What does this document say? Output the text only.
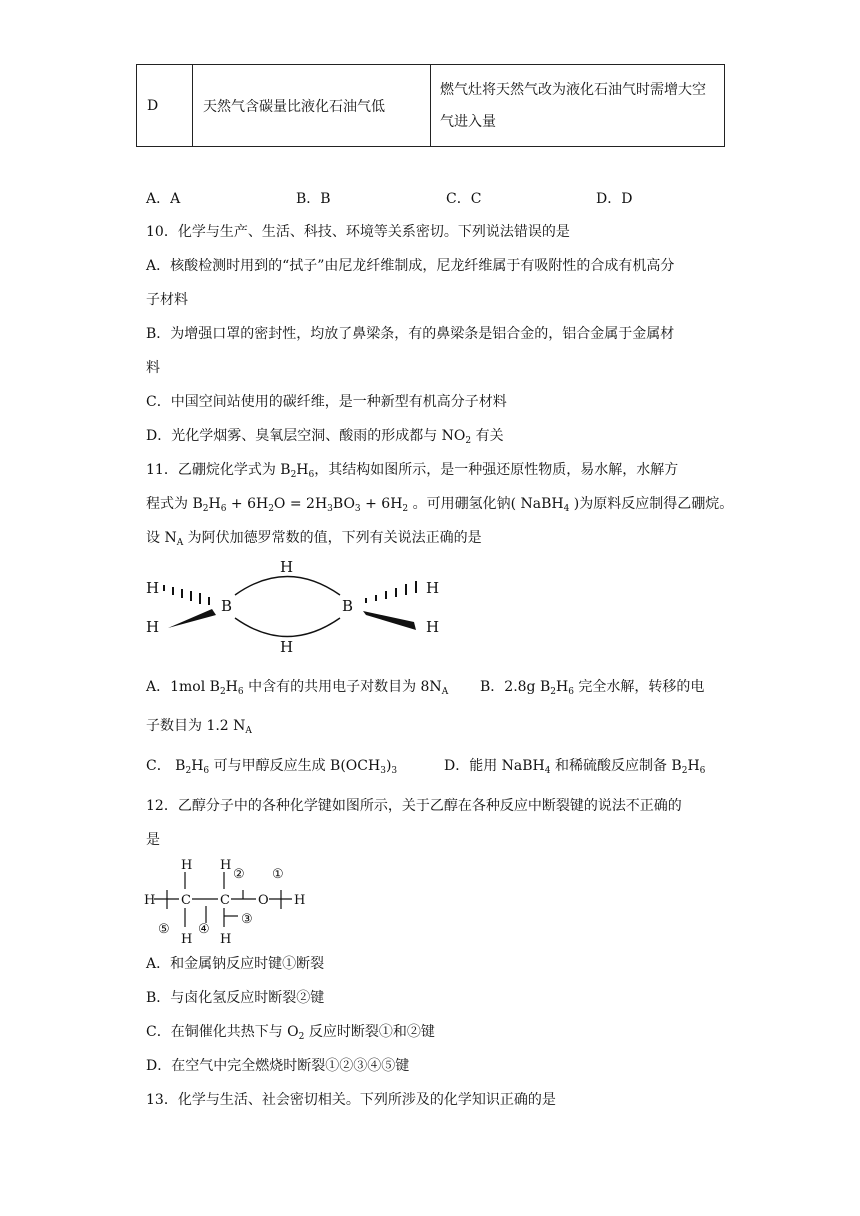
D	天然气含碳量比液化石油气低	燃气灶将天然气改为液化石油气时需增大空
气进入量
A．A	B．B	C．C	D．D
10．化学与生产、生活、科技、环境等关系密切。下列说法错误的是
A．核酸检测时用到的“拭子”由尼龙纤维制成，尼龙纤维属于有吸附性的合成有机高分
子材料
B．为增强口罩的密封性，均放了鼻梁条，有的鼻梁条是铝合金的，铝合金属于金属材
料
C．中国空间站使用的碳纤维，是一种新型有机高分子材料
D．光化学烟雾、臭氧层空洞、酸雨的形成都与 $NO_2$ 有关
11．乙硼烷化学式为 $B_2H_6$，其结构如图所示，是一种强还原性物质，易水解，水解方
程式为 $B_2H_6 + 6H_2O = 2H_3BO_3 + 6H_2$ 。可用硼氢化钠( NaBH$_4$ )为原料反应制得乙硼烷。
设 $N_A$ 为阿伏加德罗常数的值，下列有关说法正确的是
H
H
H
H
B	B
H
H
A．1mol $B_2H_6$ 中含有的共用电子对数目为 $8N_A$ B．2.8g $B_2H_6$ 完全水解，转移的电
子数目为 1.2 $N_A$
C． $B_2H_6$ 可与甲醇反应生成 $B(OCH_3)_3$	D．能用 NaBH$_4$ 和稀硫酸反应制备 $B_2H_6$
12．乙醇分子中的各种化学键如图所示，关于乙醇在各种反应中断裂键的说法不正确的
是
H H
H C C O H
H H
② ①
③
④
⑤
A．和金属钠反应时键①断裂
B．与卤化氢反应时断裂②键
C．在铜催化共热下与 $O_2$ 反应时断裂①和②键
D．在空气中完全燃烧时断裂①②③④⑤键
13．化学与生活、社会密切相关。下列所涉及的化学知识正确的是
